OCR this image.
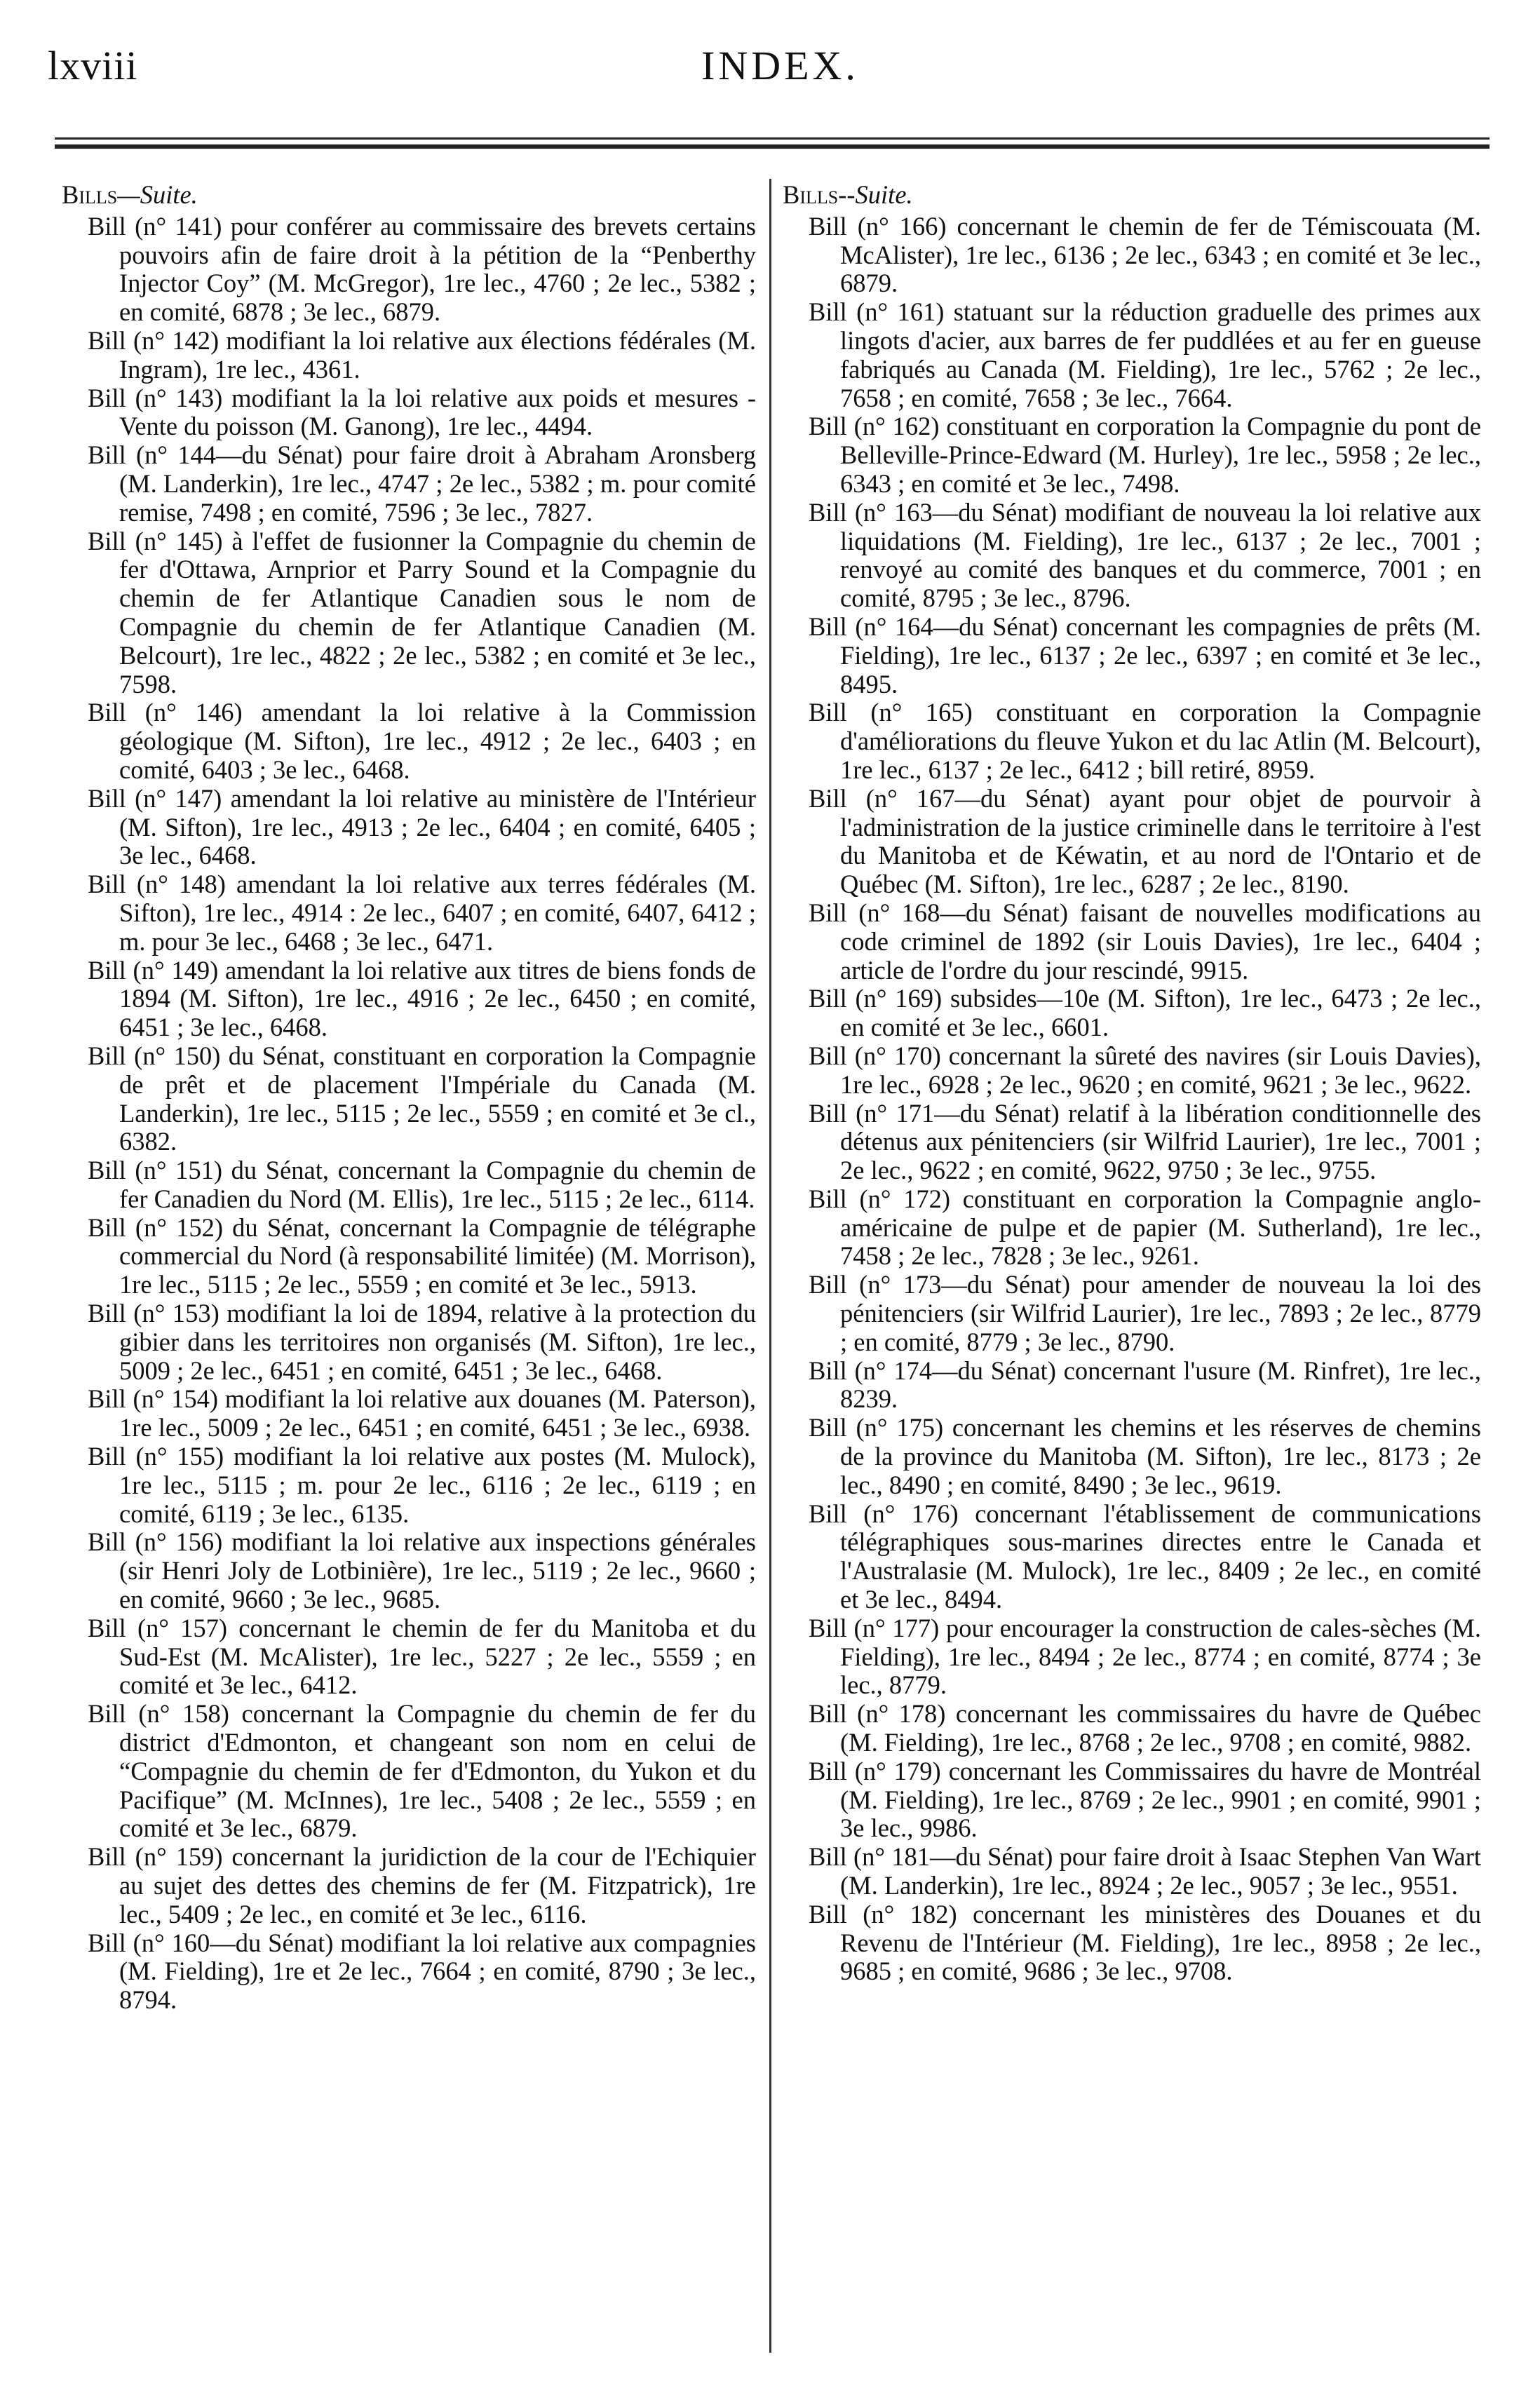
lxviii	INDEX.

Bills—Suite.

Bill (n° 141) pour conférer au commissaire des brevets certains pouvoirs afin de faire droit à la pétition de la “Penberthy Injector Coy” (M. McGregor), 1re lec., 4760 ; 2e lec., 5382 ; en comité, 6878 ; 3e lec., 6879.

Bill (n° 142) modifiant la loi relative aux élections fédérales (M. Ingram), 1re lec., 4361.

Bill (n° 143) modifiant la la loi relative aux poids et mesures -Vente du poisson (M. Ganong), 1re lec., 4494.

Bill (n° 144—du Sénat) pour faire droit à Abraham Aronsberg (M. Landerkin), 1re lec., 4747 ; 2e lec., 5382 ; m. pour comité remise, 7498 ; en comité, 7596 ; 3e lec., 7827.

Bill (n° 145) à l'effet de fusionner la Compagnie du chemin de fer d'Ottawa, Arnprior et Parry Sound et la Compagnie du chemin de fer Atlantique Canadien sous le nom de Compagnie du chemin de fer Atlantique Canadien (M. Belcourt), 1re lec., 4822 ; 2e lec., 5382 ; en comité et 3e lec., 7598.

Bill (n° 146) amendant la loi relative à la Commission géologique (M. Sifton), 1re lec., 4912 ; 2e lec., 6403 ; en comité, 6403 ; 3e lec., 6468.

Bill (n° 147) amendant la loi relative au ministère de l'Intérieur (M. Sifton), 1re lec., 4913 ; 2e lec., 6404 ; en comité, 6405 ; 3e lec., 6468.

Bill (n° 148) amendant la loi relative aux terres fédérales (M. Sifton), 1re lec., 4914 : 2e lec., 6407 ; en comité, 6407, 6412 ; m. pour 3e lec., 6468 ; 3e lec., 6471.

Bill (n° 149) amendant la loi relative aux titres de biens fonds de 1894 (M. Sifton), 1re lec., 4916 ; 2e lec., 6450 ; en comité, 6451 ; 3e lec., 6468.

Bill (n° 150) du Sénat, constituant en corporation la Compagnie de prêt et de placement l'Impériale du Canada (M. Landerkin), 1re lec., 5115 ; 2e lec., 5559 ; en comité et 3e cl., 6382.

Bill (n° 151) du Sénat, concernant la Compagnie du chemin de fer Canadien du Nord (M. Ellis), 1re lec., 5115 ; 2e lec., 6114.

Bill (n° 152) du Sénat, concernant la Compagnie de télégraphe commercial du Nord (à responsabilité limitée) (M. Morrison), 1re lec., 5115 ; 2e lec., 5559 ; en comité et 3e lec., 5913.

Bill (n° 153) modifiant la loi de 1894, relative à la protection du gibier dans les territoires non organisés (M. Sifton), 1re lec., 5009 ; 2e lec., 6451 ; en comité, 6451 ; 3e lec., 6468.

Bill (n° 154) modifiant la loi relative aux douanes (M. Paterson), 1re lec., 5009 ; 2e lec., 6451 ; en comité, 6451 ; 3e lec., 6938.

Bill (n° 155) modifiant la loi relative aux postes (M. Mulock), 1re lec., 5115 ; m. pour 2e lec., 6116 ; 2e lec., 6119 ; en comité, 6119 ; 3e lec., 6135.

Bill (n° 156) modifiant la loi relative aux inspections générales (sir Henri Joly de Lotbinière), 1re lec., 5119 ; 2e lec., 9660 ; en comité, 9660 ; 3e lec., 9685.

Bill (n° 157) concernant le chemin de fer du Manitoba et du Sud-Est (M. McAlister), 1re lec., 5227 ; 2e lec., 5559 ; en comité et 3e lec., 6412.

Bill (n° 158) concernant la Compagnie du chemin de fer du district d'Edmonton, et changeant son nom en celui de “Compagnie du chemin de fer d'Edmonton, du Yukon et du Pacifique” (M. McInnes), 1re lec., 5408 ; 2e lec., 5559 ; en comité et 3e lec., 6879.

Bill (n° 159) concernant la juridiction de la cour de l'Echiquier au sujet des dettes des chemins de fer (M. Fitzpatrick), 1re lec., 5409 ; 2e lec., en comité et 3e lec., 6116.

Bill (n° 160—du Sénat) modifiant la loi relative aux compagnies (M. Fielding), 1re et 2e lec., 7664 ; en comité, 8790 ; 3e lec., 8794.

Bills--Suite.

Bill (n° 166) concernant le chemin de fer de Témiscouata (M. McAlister), 1re lec., 6136 ; 2e lec., 6343 ; en comité et 3e lec., 6879.

Bill (n° 161) statuant sur la réduction graduelle des primes aux lingots d'acier, aux barres de fer puddlées et au fer en gueuse fabriqués au Canada (M. Fielding), 1re lec., 5762 ; 2e lec., 7658 ; en comité, 7658 ; 3e lec., 7664.

Bill (n° 162) constituant en corporation la Compagnie du pont de Belleville-Prince-Edward (M. Hurley), 1re lec., 5958 ; 2e lec., 6343 ; en comité et 3e lec., 7498.

Bill (n° 163—du Sénat) modifiant de nouveau la loi relative aux liquidations (M. Fielding), 1re lec., 6137 ; 2e lec., 7001 ; renvoyé au comité des banques et du commerce, 7001 ; en comité, 8795 ; 3e lec., 8796.

Bill (n° 164—du Sénat) concernant les compagnies de prêts (M. Fielding), 1re lec., 6137 ; 2e lec., 6397 ; en comité et 3e lec., 8495.

Bill (n° 165) constituant en corporation la Compagnie d'améliorations du fleuve Yukon et du lac Atlin (M. Belcourt), 1re lec., 6137 ; 2e lec., 6412 ; bill retiré, 8959.

Bill (n° 167—du Sénat) ayant pour objet de pourvoir à l'administration de la justice criminelle dans le territoire à l'est du Manitoba et de Kéwatin, et au nord de l'Ontario et de Québec (M. Sifton), 1re lec., 6287 ; 2e lec., 8190.

Bill (n° 168—du Sénat) faisant de nouvelles modifications au code criminel de 1892 (sir Louis Davies), 1re lec., 6404 ; article de l'ordre du jour rescindé, 9915.

Bill (n° 169) subsides—10e (M. Sifton), 1re lec., 6473 ; 2e lec., en comité et 3e lec., 6601.

Bill (n° 170) concernant la sûreté des navires (sir Louis Davies), 1re lec., 6928 ; 2e lec., 9620 ; en comité, 9621 ; 3e lec., 9622.

Bill (n° 171—du Sénat) relatif à la libération conditionnelle des détenus aux pénitenciers (sir Wilfrid Laurier), 1re lec., 7001 ; 2e lec., 9622 ; en comité, 9622, 9750 ; 3e lec., 9755.

Bill (n° 172) constituant en corporation la Compagnie anglo-américaine de pulpe et de papier (M. Sutherland), 1re lec., 7458 ; 2e lec., 7828 ; 3e lec., 9261.

Bill (n° 173—du Sénat) pour amender de nouveau la loi des pénitenciers (sir Wilfrid Laurier), 1re lec., 7893 ; 2e lec., 8779 ; en comité, 8779 ; 3e lec., 8790.

Bill (n° 174—du Sénat) concernant l'usure (M. Rinfret), 1re lec., 8239.

Bill (n° 175) concernant les chemins et les réserves de chemins de la province du Manitoba (M. Sifton), 1re lec., 8173 ; 2e lec., 8490 ; en comité, 8490 ; 3e lec., 9619.

Bill (n° 176) concernant l'établissement de communications télégraphiques sous-marines directes entre le Canada et l'Australasie (M. Mulock), 1re lec., 8409 ; 2e lec., en comité et 3e lec., 8494.

Bill (n° 177) pour encourager la construction de cales-sèches (M. Fielding), 1re lec., 8494 ; 2e lec., 8774 ; en comité, 8774 ; 3e lec., 8779.

Bill (n° 178) concernant les commissaires du havre de Québec (M. Fielding), 1re lec., 8768 ; 2e lec., 9708 ; en comité, 9882.

Bill (n° 179) concernant les Commissaires du havre de Montréal (M. Fielding), 1re lec., 8769 ; 2e lec., 9901 ; en comité, 9901 ; 3e lec., 9986.

Bill (n° 181—du Sénat) pour faire droit à Isaac Stephen Van Wart (M. Landerkin), 1re lec., 8924 ; 2e lec., 9057 ; 3e lec., 9551.

Bill (n° 182) concernant les ministères des Douanes et du Revenu de l'Intérieur (M. Fielding), 1re lec., 8958 ; 2e lec., 9685 ; en comité, 9686 ; 3e lec., 9708.
